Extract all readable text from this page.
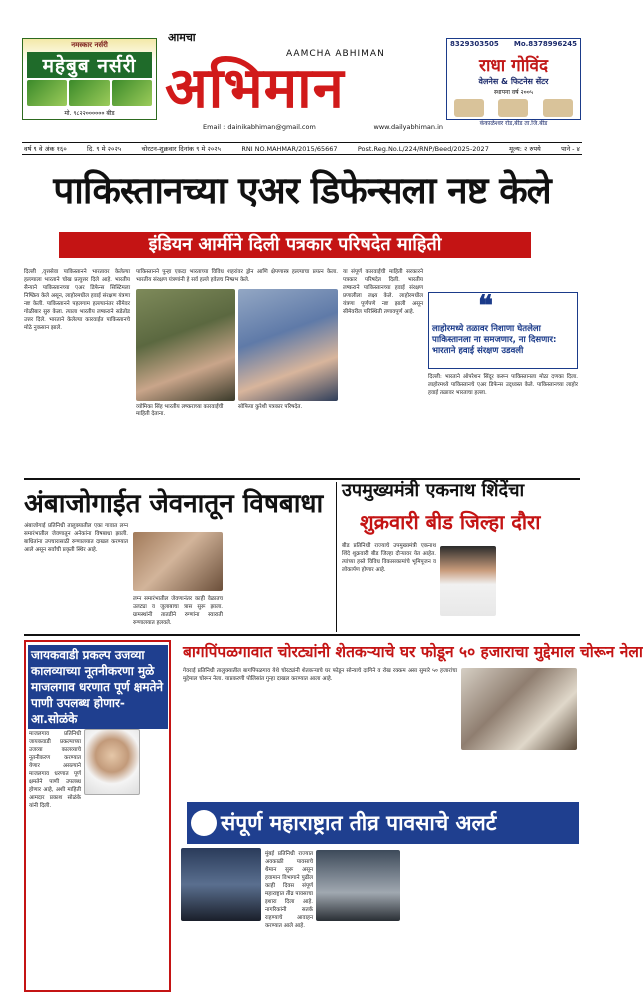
नमस्कार नर्सरी
महेबुब नर्सरी
मो. ९८२२०००००० बीड
आमचा
AAMCHA ABHIMAN
अभिमान
Email : dainikabhiman@gmail.com	www.dailyabhiman.in
8329303505 Mo.8378996245
राधा गोविंद
वेलनेस & फिटनेस सेंटर
स्थापना वर्ष २००५
कंकाळेश्वर रोड,बीड ता.जि.बीड
वर्ष ९ वे अंक १६०	दि. ९ मे २०२५	चोरटन-शुक्रवार दिनांक ९ मे २०२५	RNI NO.MAHMAR/2015/65667	Post.Reg.No.L/224/RNP/Beed/2025-2027	मूल्य: २ रुपये	पाने - ४
पाकिस्तानच्या एअर डिफेन्सला नष्ट केले
इंडियन आर्मीने दिली पत्रकार परिषदेत माहिती
दिल्ली ,वृत्तसेवा पाकिस्तानने भारतावर केलेल्या हल्ल्याला भारताने चोख प्रत्युत्तर दिले आहे. भारतीय सैन्याने पाकिस्तानच्या एअर डिफेन्स सिस्टिमला निष्क्रिय केले असून, लाहोरमधील हवाई संरक्षण यंत्रणा नष्ट केली. पाकिस्तानने पहलगाम हल्ल्यानंतर सीमेवर गोळीबार सुरु केला. त्याला भारतीय लष्कराने सडेतोड उत्तर दिले. भारताने केलेल्या कारवाईत पाकिस्तानचे मोठे नुकसान झाले.
पाकिस्तानने पुन्हा एकदा भारताच्या विविध शहरांवर ड्रोन आणि क्षेपणास्त्र हल्ल्याचा प्रयत्न केला. भारतीय संरक्षण यंत्रणांनी हे सर्व हल्ले हवेतच निष्प्रभ केले.
व्योमिका सिंह भारतीय लष्कराच्या कारवाईची माहिती देताना.
सोफिया कुरेशी पत्रकार परिषदेत.
या संपूर्ण कारवाईची माहिती सरकारने पत्रकार परिषदेत दिली. भारतीय लष्कराने पाकिस्तानच्या हवाई संरक्षण प्रणालीला लक्ष्य केले. लाहोरमधील यंत्रणा पूर्णपणे नष्ट झाली असून सीमेवरील परिस्थिती तणावपूर्ण आहे.	❝
लाहोरमध्ये तळावर निशाणा घेतलेला पाकिस्तानला ना समजणार, ना दिसणार: भारताने हवाई संरक्षण उडवली
दिल्ली: भारताने ऑपरेशन सिंदूर करून पाकिस्तानला मोठा दणका दिला. लाहोरमध्ये पाकिस्तानचे एअर डिफेन्स उद्ध्वस्त केले. पाकिस्तानच्या लाहोर हवाई तळावर भारताचा हल्ला.
अंबाजोगाईत जेवनातून विषबाधा
अंबाजोगाई प्रतिनिधी तालुक्यातील एका गावात लग्न समारंभातील जेवणातून अनेकांना विषबाधा झाली. बाधितांना उपचारासाठी रुग्णालयात दाखल करण्यात आले असून सर्वांची प्रकृती स्थिर आहे.
लग्न समारंभातील जेवणानंतर काही वेळातच उलट्या व जुलाबाचा त्रास सुरू झाला. ग्रामस्थांनी तातडीने रुग्णांना स्वाराती रुग्णालयात हलवले.
उपमुख्यमंत्री एकनाथ शिंदेंचा
शुक्रवारी बीड जिल्हा दौरा
बीड प्रतिनिधी राज्याचे उपमुख्यमंत्री एकनाथ शिंदे शुक्रवारी बीड जिल्हा दौऱ्यावर येत आहेत. त्यांच्या हस्ते विविध विकासकामांचे भूमिपूजन व लोकार्पण होणार आहे.
जायकवाडी प्रकल्प उजव्या कालव्याच्या नूतनीकरणा मुळे माजलगाव धरणात पूर्ण क्षमतेने पाणी उपलब्ध होणार-आ.सोळंके
माजलगाव प्रतिनिधी जायकवाडी प्रकल्पाच्या उजव्या कालव्याचे नूतनीकरण करण्यात येणार असल्याने माजलगाव धरणात पूर्ण क्षमतेने पाणी उपलब्ध होणार आहे, अशी माहिती आमदार प्रकाश सोळंके यांनी दिली.
बागपिंपळगावात चोरट्यांनी शेतकऱ्याचे घर फोडून ५० हजाराचा मुद्देमाल चोरून नेला
गेवराई प्रतिनिधी तालुक्यातील बागपिंपळगाव येथे चोरट्यांनी शेतकऱ्याचे घर फोडून सोन्याचे दागिने व रोख रक्कम असा सुमारे ५० हजारांचा मुद्देमाल चोरून नेला. याप्रकरणी पोलिसांत गुन्हा दाखल करण्यात आला आहे.
संपूर्ण महाराष्ट्रात तीव्र पावसाचे अलर्ट
मुंबई प्रतिनिधी राज्यात अवकाळी पावसाचे थैमान सुरू असून हवामान विभागाने पुढील काही दिवस संपूर्ण महाराष्ट्रात तीव्र पावसाचा इशारा दिला आहे. नागरिकांनी सतर्क राहण्याचे आवाहन करण्यात आले आहे.
